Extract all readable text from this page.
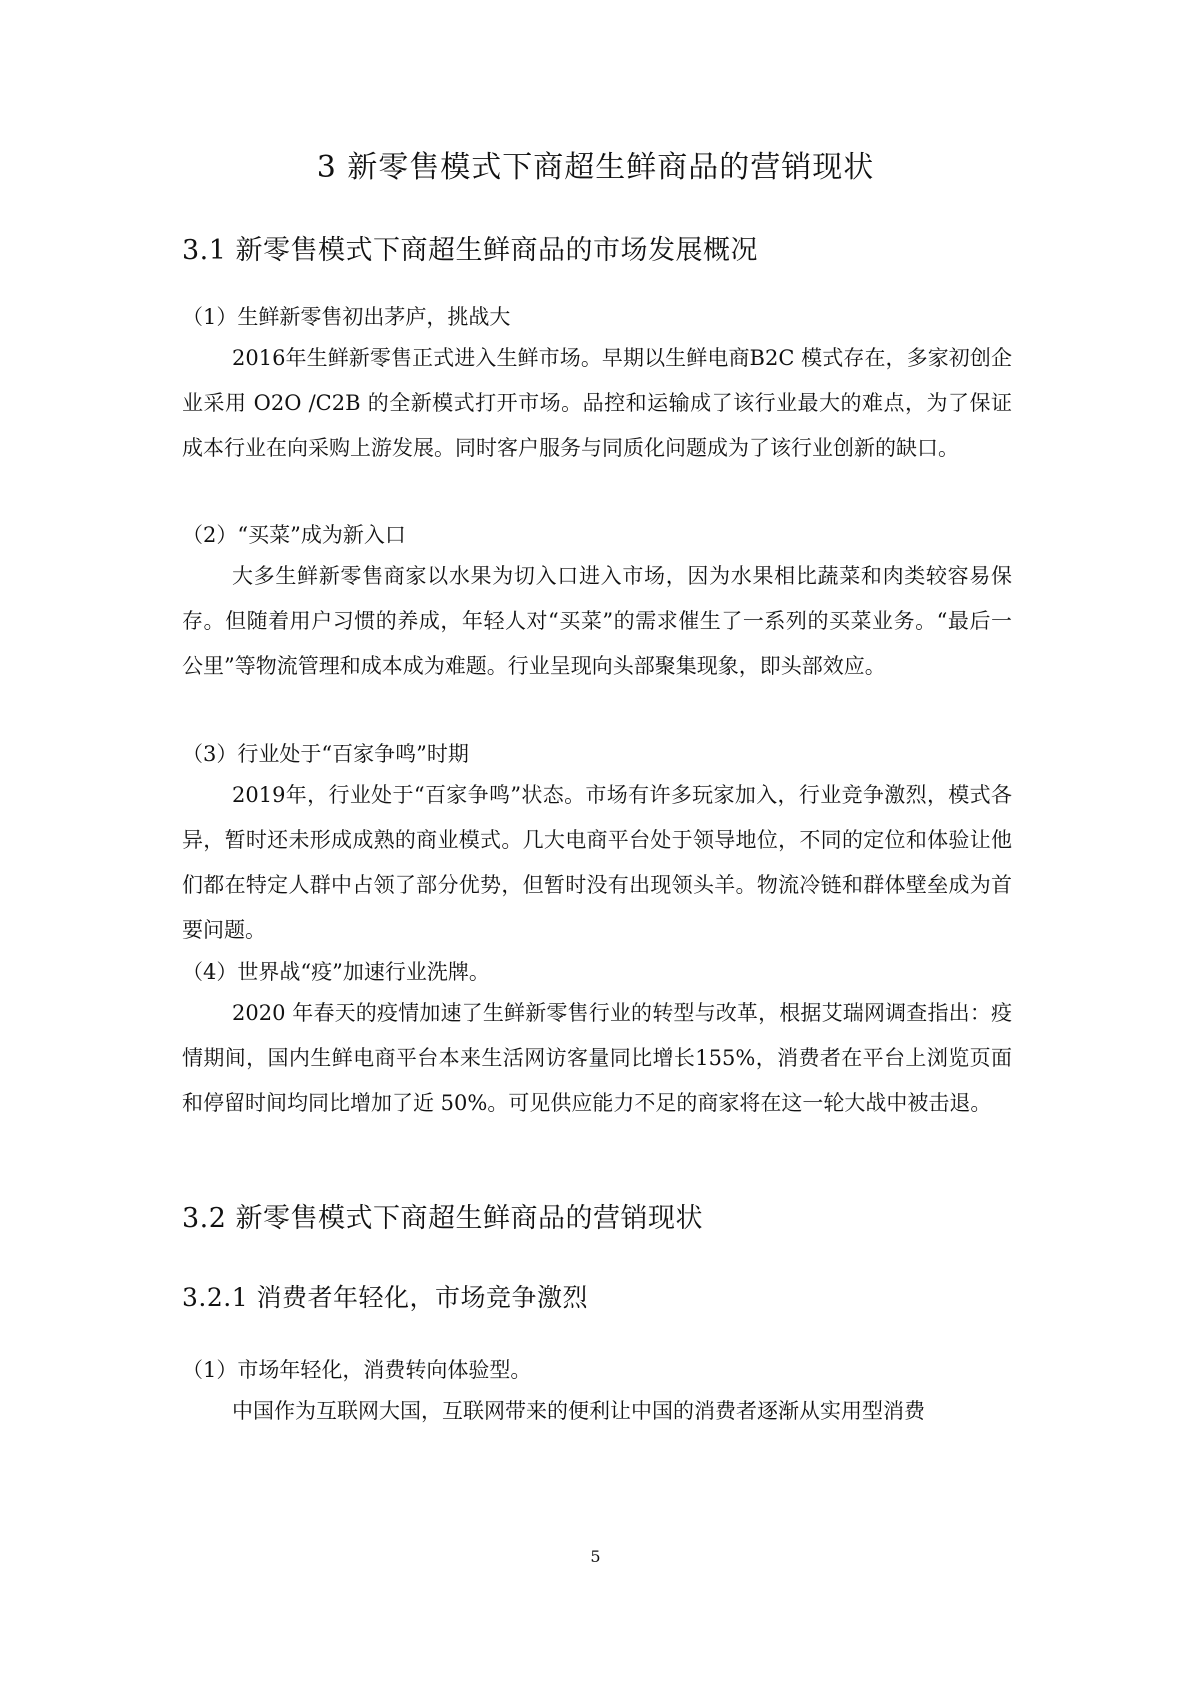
3 新零售模式下商超生鲜商品的营销现状
3.1 新零售模式下商超生鲜商品的市场发展概况

（1）生鲜新零售初出茅庐，挑战大

2016年生鲜新零售正式进入生鲜市场。早期以生鲜电商B2C 模式存在，多家初创企业采用 O2O /C2B 的全新模式打开市场。品控和运输成了该行业最大的难点，为了保证成本行业在向采购上游发展。同时客户服务与同质化问题成为了该行业创新的缺口。

（2）“买菜”成为新入口

大多生鲜新零售商家以水果为切入口进入市场，因为水果相比蔬菜和肉类较容易保存。但随着用户习惯的养成，年轻人对“买菜”的需求催生了一系列的买菜业务。“最后一公里”等物流管理和成本成为难题。行业呈现向头部聚集现象，即头部效应。

（3）行业处于“百家争鸣”时期

2019年，行业处于“百家争鸣”状态。市场有许多玩家加入，行业竞争激烈，模式各异，暂时还未形成成熟的商业模式。几大电商平台处于领导地位，不同的定位和体验让他们都在特定人群中占领了部分优势，但暂时没有出现领头羊。物流冷链和群体壁垒成为首要问题。

（4）世界战“疫”加速行业洗牌。

2020 年春天的疫情加速了生鲜新零售行业的转型与改革，根据艾瑞网调查指出：疫情期间，国内生鲜电商平台本来生活网访客量同比增长155%，消费者在平台上浏览页面和停留时间均同比增加了近 50%。可见供应能力不足的商家将在这一轮大战中被击退。

3.2 新零售模式下商超生鲜商品的营销现状
3.2.1 消费者年轻化，市场竞争激烈

（1）市场年轻化，消费转向体验型。

中国作为互联网大国，互联网带来的便利让中国的消费者逐渐从实用型消费

5
